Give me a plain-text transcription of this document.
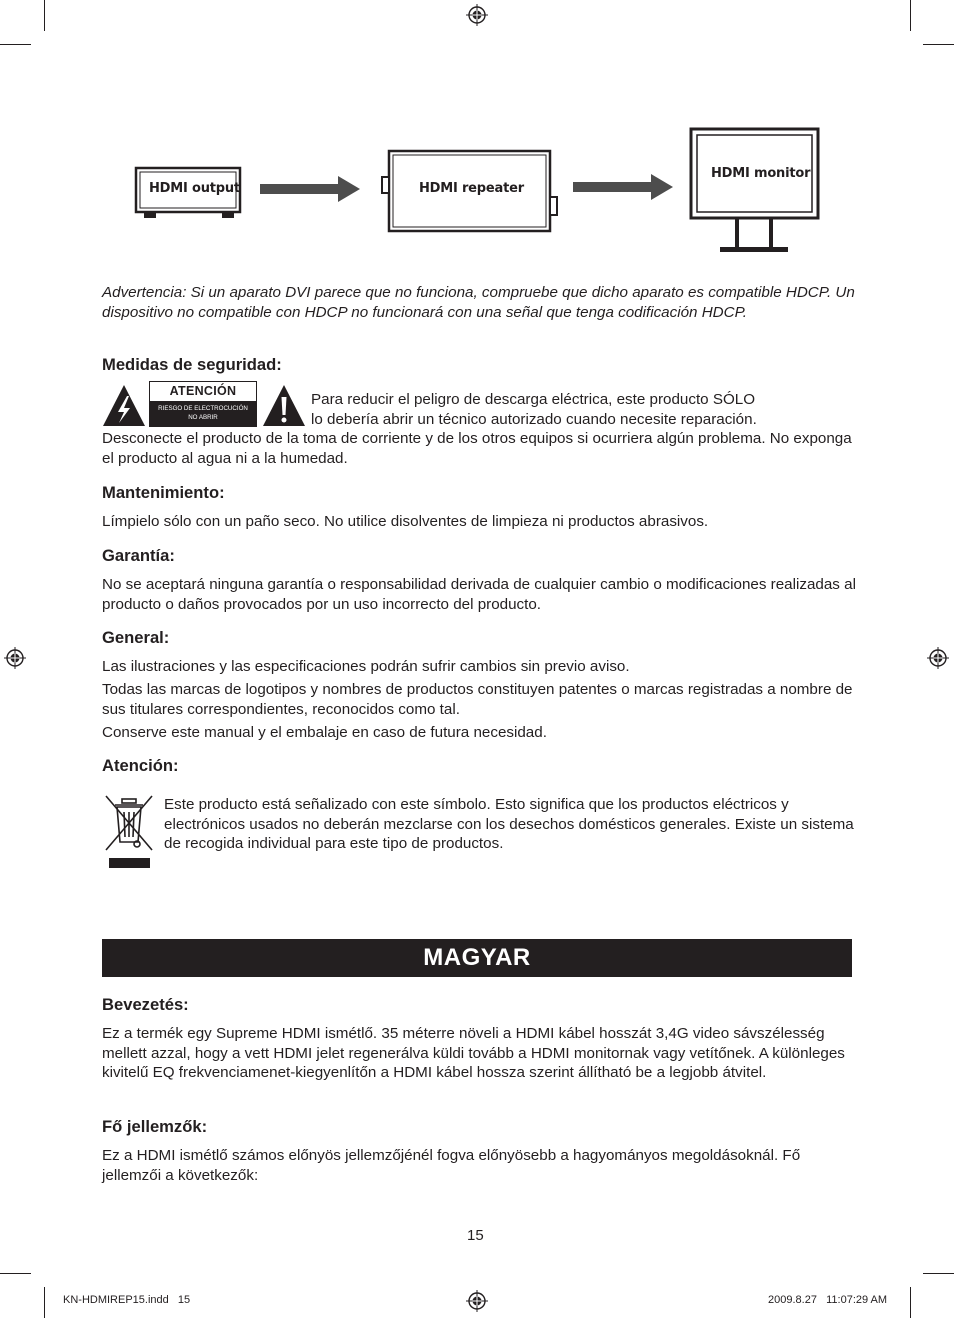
HDMI output	HDMI repeater
HDMI monitor

Advertencia: Si un aparato DVI parece que no funciona, compruebe que dicho aparato es compatible HDCP. Un dispositivo no compatible con HDCP no funcionará con una señal que tenga codificación HDCP.

Medidas de seguridad:
ATENCIÓN
RIESGO DE ELECTROCUCIÓN
NO ABRIR
Para reducir el peligro de descarga eléctrica, este producto SÓLO
lo debería abrir un técnico autorizado cuando necesite reparación.

Desconecte el producto de la toma de corriente y de los otros equipos si ocurriera algún problema. No exponga el producto al agua ni a la humedad.

Mantenimiento:

Límpielo sólo con un paño seco. No utilice disolventes de limpieza ni productos abrasivos.

Garantía:

No se aceptará ninguna garantía o responsabilidad derivada de cualquier cambio o modificaciones realizadas al producto o daños provocados por un uso incorrecto del producto.

General:

Las ilustraciones y las especificaciones podrán sufrir cambios sin previo aviso.

Todas las marcas de logotipos y nombres de productos constituyen patentes o marcas registradas a nombre de sus titulares correspondientes, reconocidos como tal.

Conserve este manual y el embalaje en caso de futura necesidad.

Atención:

Este producto está señalizado con este símbolo. Esto significa que los productos eléctricos y electrónicos usados no deberán mezclarse con los desechos domésticos generales. Existe un sistema de recogida individual para este tipo de productos.

MAGYAR
Bevezetés:

Ez a termék egy Supreme HDMI ismétlő. 35 méterre növeli a HDMI kábel hosszát 3,4G video sávszélesség mellett azzal, hogy a vett HDMI jelet regenerálva küldi tovább a HDMI monitornak vagy vetítőnek. A különleges kivitelű EQ frekvenciamenet-kiegyenlítőn a HDMI kábel hossza szerint állítható be a legjobb átvitel.

Fő jellemzők:

Ez a HDMI ismétlő számos előnyös jellemzőjénél fogva előnyösebb a hagyományos megoldásoknál. Fő jellemzői a következők:

15
KN-HDMIREP15.indd   15	2009.8.27   11:07:29 AM
